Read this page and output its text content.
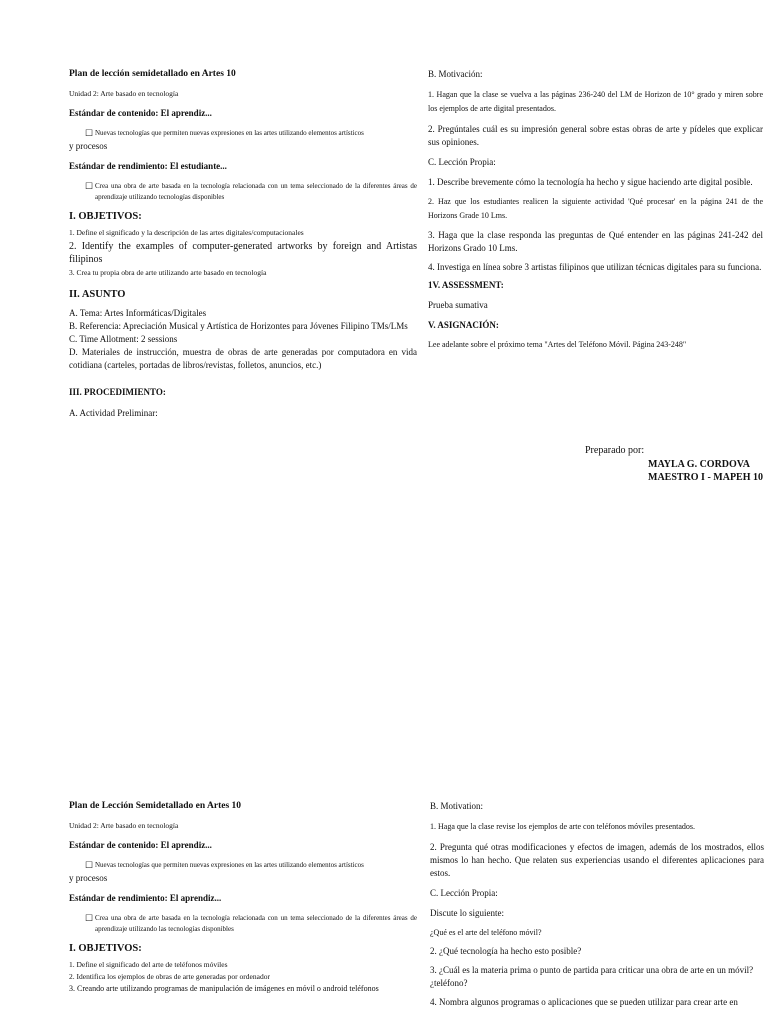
Plan de lección semidetallado en Artes 10

Unidad 2: Arte basado en tecnología

Estándar de contenido: El aprendiz...

☐ Nuevas tecnologías que permiten nuevas expresiones en las artes utilizando elementos artísticos

y procesos

Estándar de rendimiento: El estudiante...

☐ Crea una obra de arte basada en la tecnología relacionada con un tema seleccionado de la diferentes áreas de aprendizaje utilizando tecnologías disponibles

I. OBJETIVOS:

1. Define el significado y la descripción de las artes digitales/computacionales

2. Identify the examples of computer-generated artworks by foreign and Artistas filipinos

3. Crea tu propia obra de arte utilizando arte basado en tecnología

II. ASUNTO

A. Tema: Artes Informáticas/Digitales

B. Referencia: Apreciación Musical y Artística de Horizontes para Jóvenes Filipino TMs/LMs

C. Time Allotment: 2 sessions

D. Materiales de instrucción, muestra de obras de arte generadas por computadora en vida cotidiana (carteles, portadas de libros/revistas, folletos, anuncios, etc.)

III. PROCEDIMIENTO:

A. Actividad Preliminar:

B. Motivación:

1. Hagan que la clase se vuelva a las páginas 236-240 del LM de Horizon de 10° grado y miren sobre los ejemplos de arte digital presentados.

2. Pregúntales cuál es su impresión general sobre estas obras de arte y pídeles que explicar sus opiniones.

C. Lección Propia:

1. Describe brevemente cómo la tecnología ha hecho y sigue haciendo arte digital posible.

2. Haz que los estudiantes realicen la siguiente actividad 'Qué procesar' en la página 241 de the Horizons Grade 10 Lms.

3. Haga que la clase responda las preguntas de Qué entender en las páginas 241-242 del Horizons Grado 10 Lms.

4. Investiga en línea sobre 3 artistas filipinos que utilizan técnicas digitales para su funciona.

1V. ASSESSMENT:

Prueba sumativa

V. ASIGNACIÓN:

Lee adelante sobre el próximo tema "Artes del Teléfono Móvil. Página 243-248"

Preparado por:

MAYLA G. CORDOVA

MAESTRO I - MAPEH 10

Plan de Lección Semidetallado en Artes 10

Unidad 2: Arte basado en tecnología

Estándar de contenido: El aprendiz...

☐ Nuevas tecnologías que permiten nuevas expresiones en las artes utilizando elementos artísticos

y procesos

Estándar de rendimiento: El aprendiz...

☐ Crea una obra de arte basada en la tecnología relacionada con un tema seleccionado de la diferentes áreas de aprendizaje utilizando las tecnologías disponibles

I. OBJETIVOS:

1. Define el significado del arte de teléfonos móviles

2. Identifica los ejemplos de obras de arte generadas por ordenador

3. Creando arte utilizando programas de manipulación de imágenes en móvil o android teléfonos

B. Motivation:

1. Haga que la clase revise los ejemplos de arte con teléfonos móviles presentados.

2. Pregunta qué otras modificaciones y efectos de imagen, además de los mostrados, ellos mismos lo han hecho. Que relaten sus experiencias usando el diferentes aplicaciones para estos.

C. Lección Propia:

Discute lo siguiente:

¿Qué es el arte del teléfono móvil?

2. ¿Qué tecnología ha hecho esto posible?

3. ¿Cuál es la materia prima o punto de partida para criticar una obra de arte en un móvil? ¿teléfono?

4. Nombra algunos programas o aplicaciones que se pueden utilizar para crear arte en
